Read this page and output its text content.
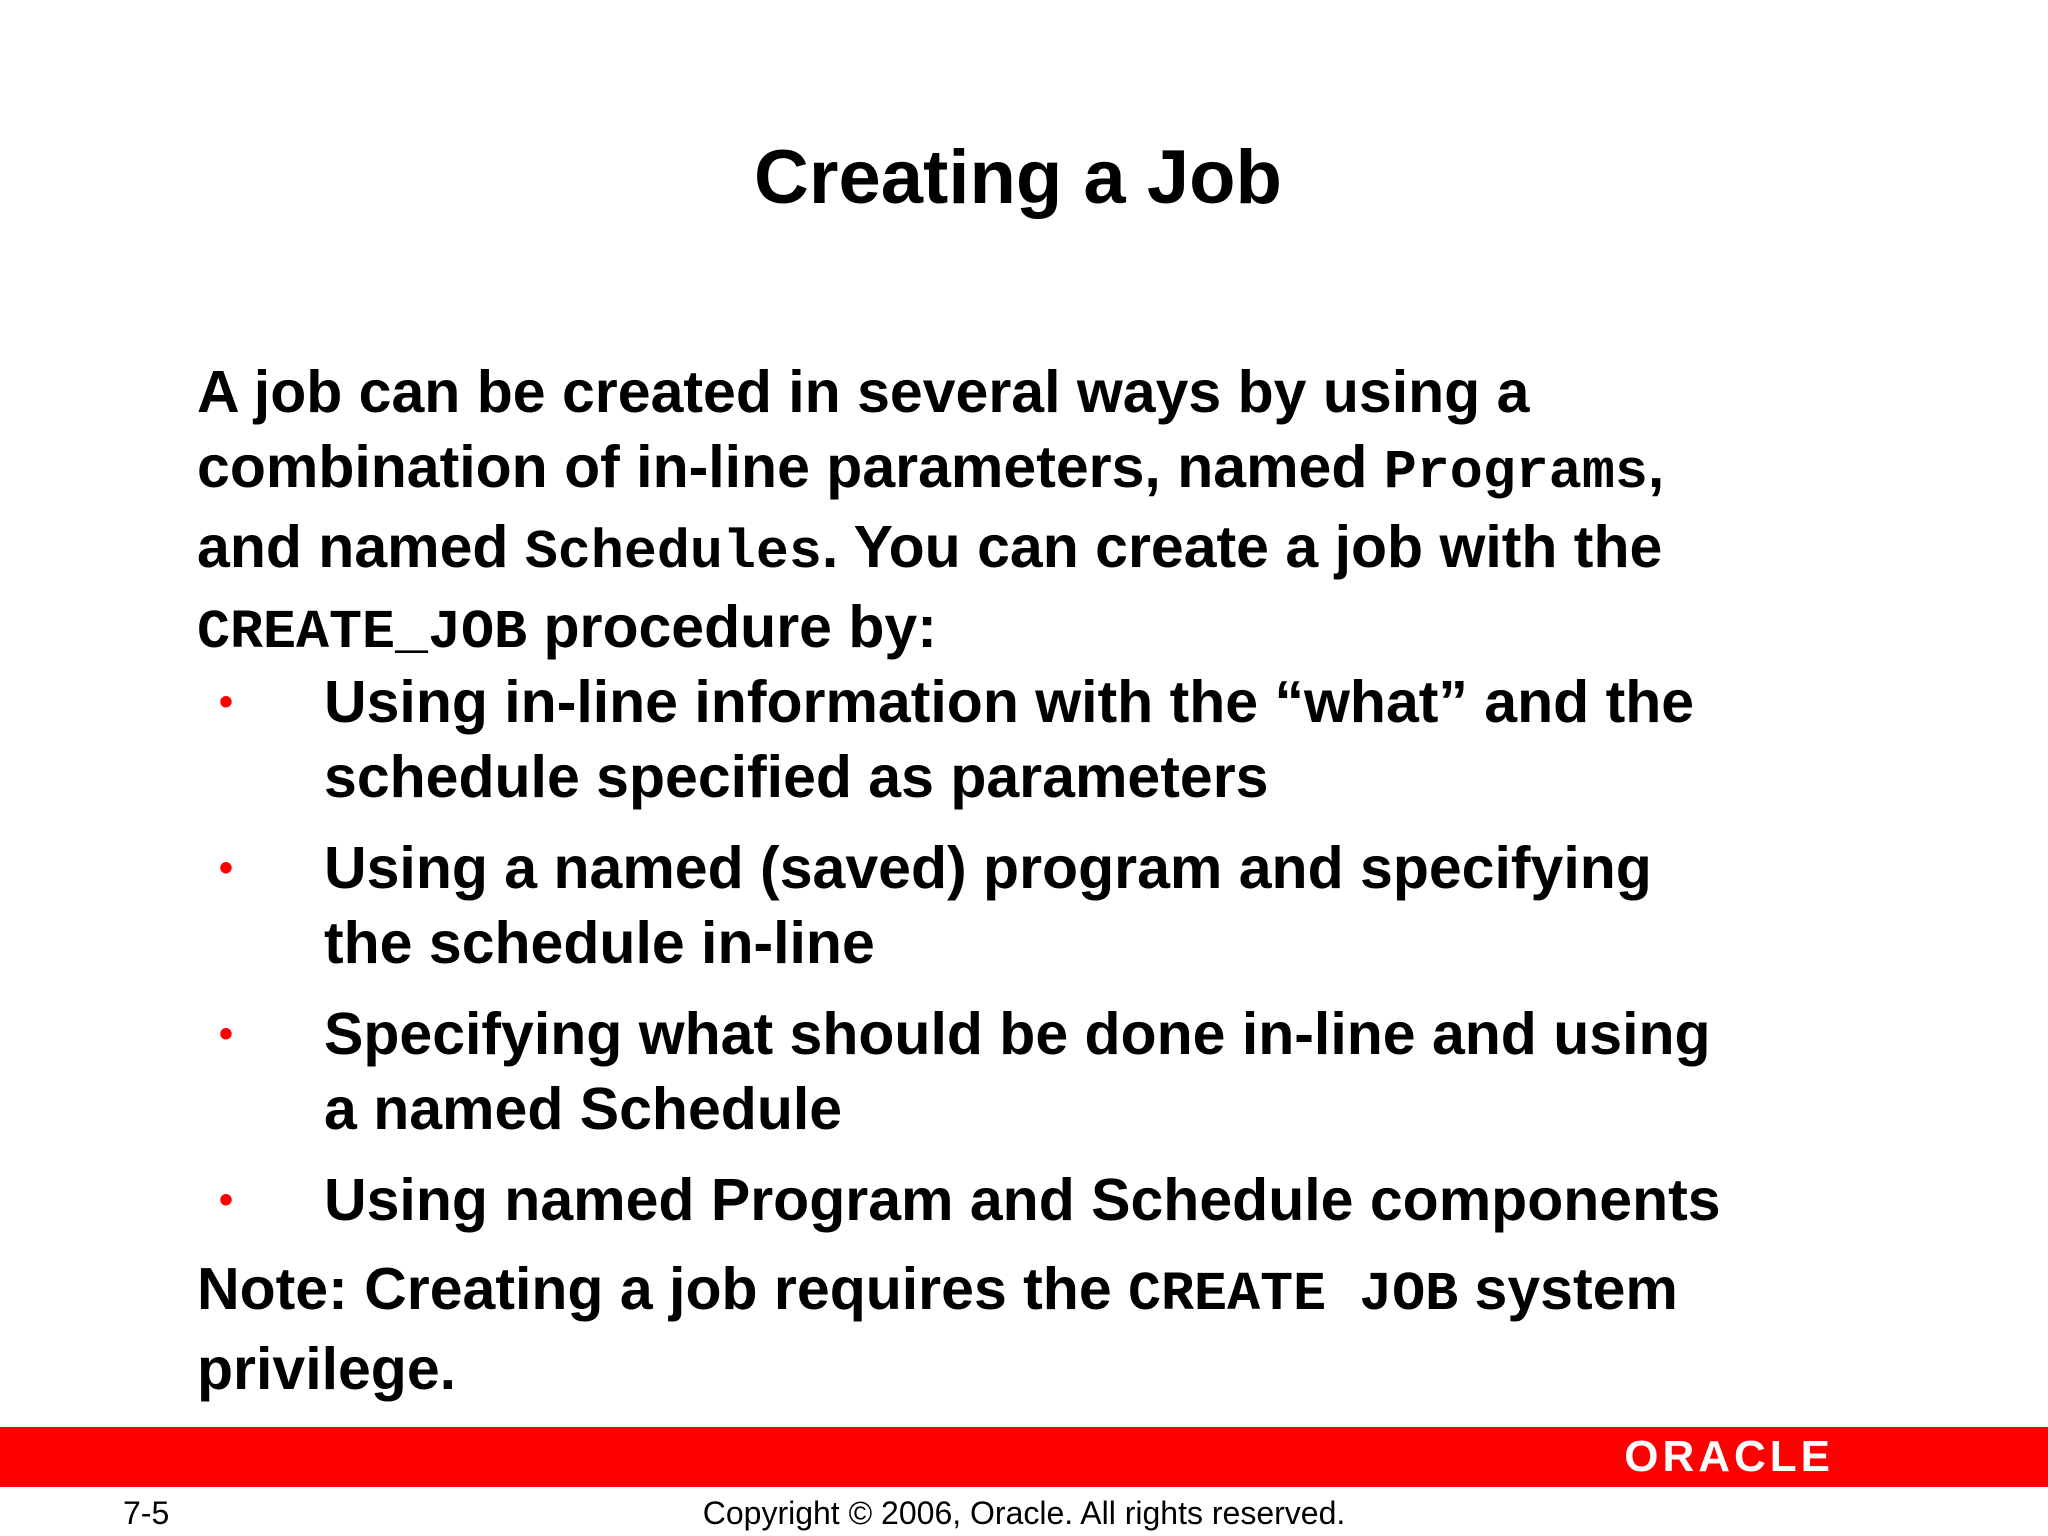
Creating a Job
A job can be created in several ways by using a
combination of in-line parameters, named Programs,
and named Schedules. You can create a job with the
CREATE_JOB procedure by:
• Using in-line information with the “what” and the
schedule specified as parameters
• Using a named (saved) program and specifying
the schedule in-line
• Specifying what should be done in-line and using
a named Schedule
• Using named Program and Schedule components
Note: Creating a job requires the CREATE JOB system
privilege.
ORACLE

7-5	Copyright © 2006, Oracle. All rights reserved.
